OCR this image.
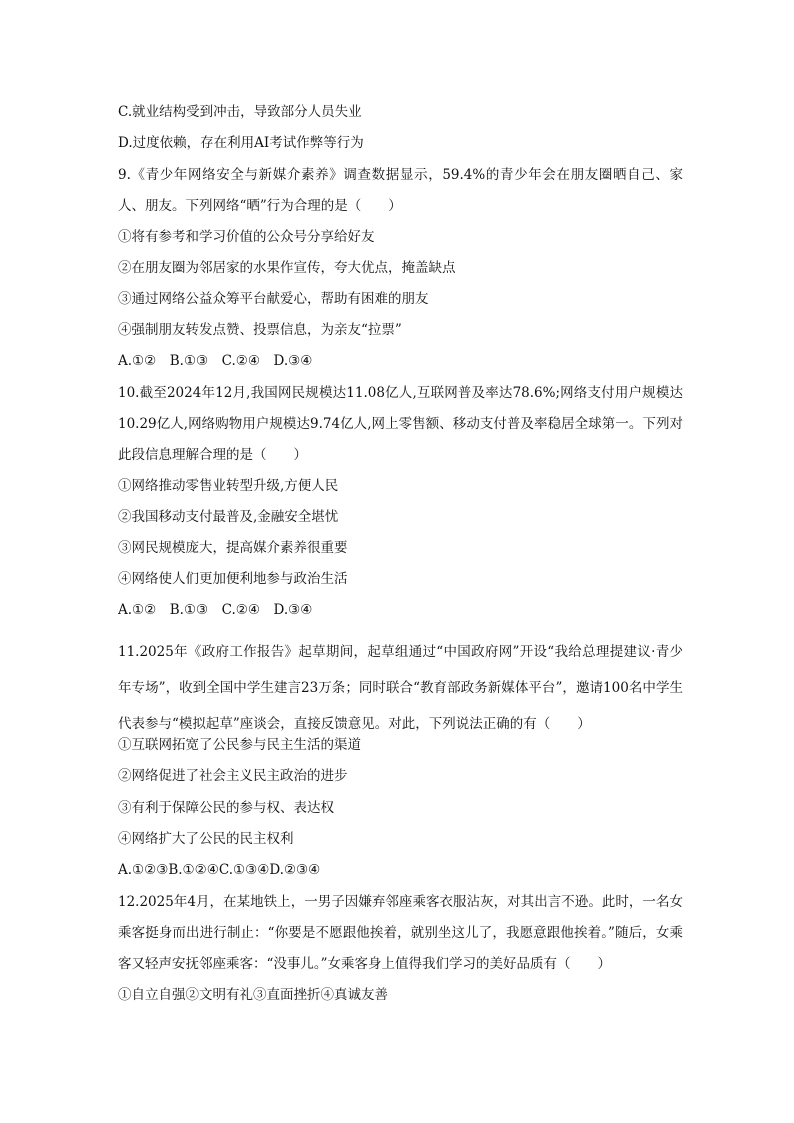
C.就业结构受到冲击，导致部分人员失业
D.过度依赖，存在利用AI考试作弊等行为
9.《青少年网络安全与新媒介素养》调查数据显示，59.4%的青少年会在朋友圈晒自己、家人、朋友。下列网络“晒”行为合理的是（　　）
①将有参考和学习价值的公众号分享给好友
②在朋友圈为邻居家的水果作宣传，夸大优点，掩盖缺点
③通过网络公益众筹平台献爱心，帮助有困难的朋友
④强制朋友转发点赞、投票信息，为亲友“拉票”
A.①②　B.①③　C.②④　D.③④
10.截至2024年12月,我国网民规模达11.08亿人,互联网普及率达78.6%;网络支付用户规模达10.29亿人,网络购物用户规模达9.74亿人,网上零售额、移动支付普及率稳居全球第一。下列对此段信息理解合理的是（　　）
①网络推动零售业转型升级,方便人民
②我国移动支付最普及,金融安全堪忧
③网民规模庞大，提高媒介素养很重要
④网络使人们更加便利地参与政治生活
A.①②　B.①③　C.②④　D.③④
11.2025年《政府工作报告》起草期间，起草组通过“中国政府网”开设“我给总理提建议·青少年专场”，收到全国中学生建言23万条；同时联合“教育部政务新媒体平台”，邀请100名中学生代表参与“模拟起草”座谈会，直接反馈意见。对此，下列说法正确的有（　　）
①互联网拓宽了公民参与民主生活的渠道
②网络促进了社会主义民主政治的进步
③有利于保障公民的参与权、表达权
④网络扩大了公民的民主权利
A.①②③B.①②④C.①③④D.②③④
12.2025年4月，在某地铁上，一男子因嫌弃邻座乘客衣服沾灰，对其出言不逊。此时，一名女乘客挺身而出进行制止：“你要是不愿跟他挨着，就别坐这儿了，我愿意跟他挨着。”随后，女乘客又轻声安抚邻座乘客：“没事儿。”女乘客身上值得我们学习的美好品质有（　　）
①自立自强②文明有礼③直面挫折④真诚友善
